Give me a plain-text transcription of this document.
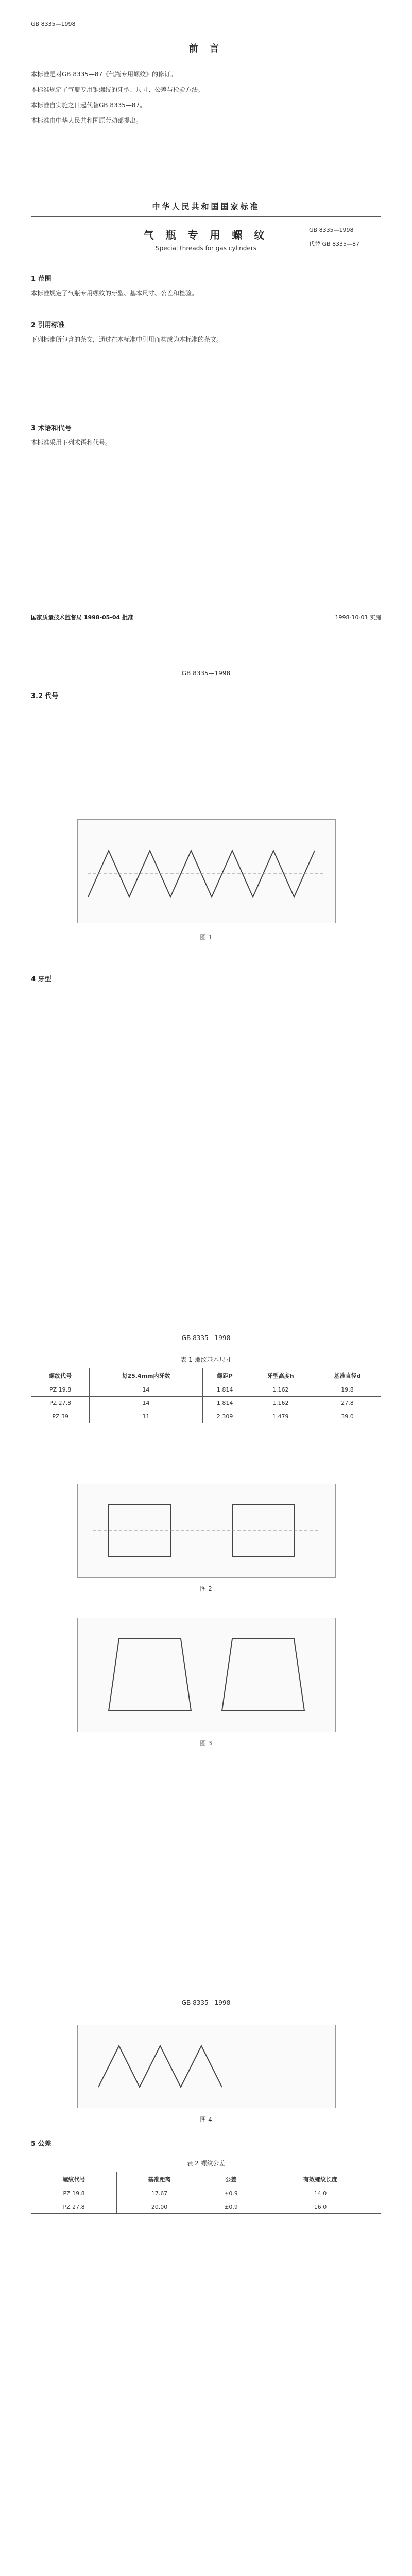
GB 8335—1998
前 言
本标准是对GB 8335—87《气瓶专用螺纹》的修订。
本标准规定了气瓶专用锥螺纹的牙型、尺寸、公差与检验方法。
本标准自实施之日起代替GB 8335—87。
本标准由中华人民共和国原劳动部提出。
中华人民共和国国家标准
气 瓶 专 用 螺 纹
Special threads for gas cylinders
GB 8335—1998
代替 GB 8335—87
1 范围
本标准规定了气瓶专用螺纹的牙型、基本尺寸、公差和检验。
2 引用标准
下列标准所包含的条文，通过在本标准中引用而构成为本标准的条文。
3 术语和代号
本标准采用下列术语和代号。
国家质量技术监督局 1998-05-04 批准	1998-10-01 实施
GB 8335—1998
3.2 代号
图 1
4 牙型
GB 8335—1998
表 1 螺纹基本尺寸
螺纹代号	每25.4mm内牙数	螺距P	牙型高度h	基准直径d
PZ 19.8	14	1.814	1.162	19.8
PZ 27.8	14	1.814	1.162	27.8
PZ 39	11	2.309	1.479	39.0
图 2
图 3
GB 8335—1998
图 4
5 公差
表 2 螺纹公差
螺纹代号	基准距离	公差	有效螺纹长度
PZ 19.8	17.67	±0.9	14.0
PZ 27.8	20.00	±0.9	16.0
